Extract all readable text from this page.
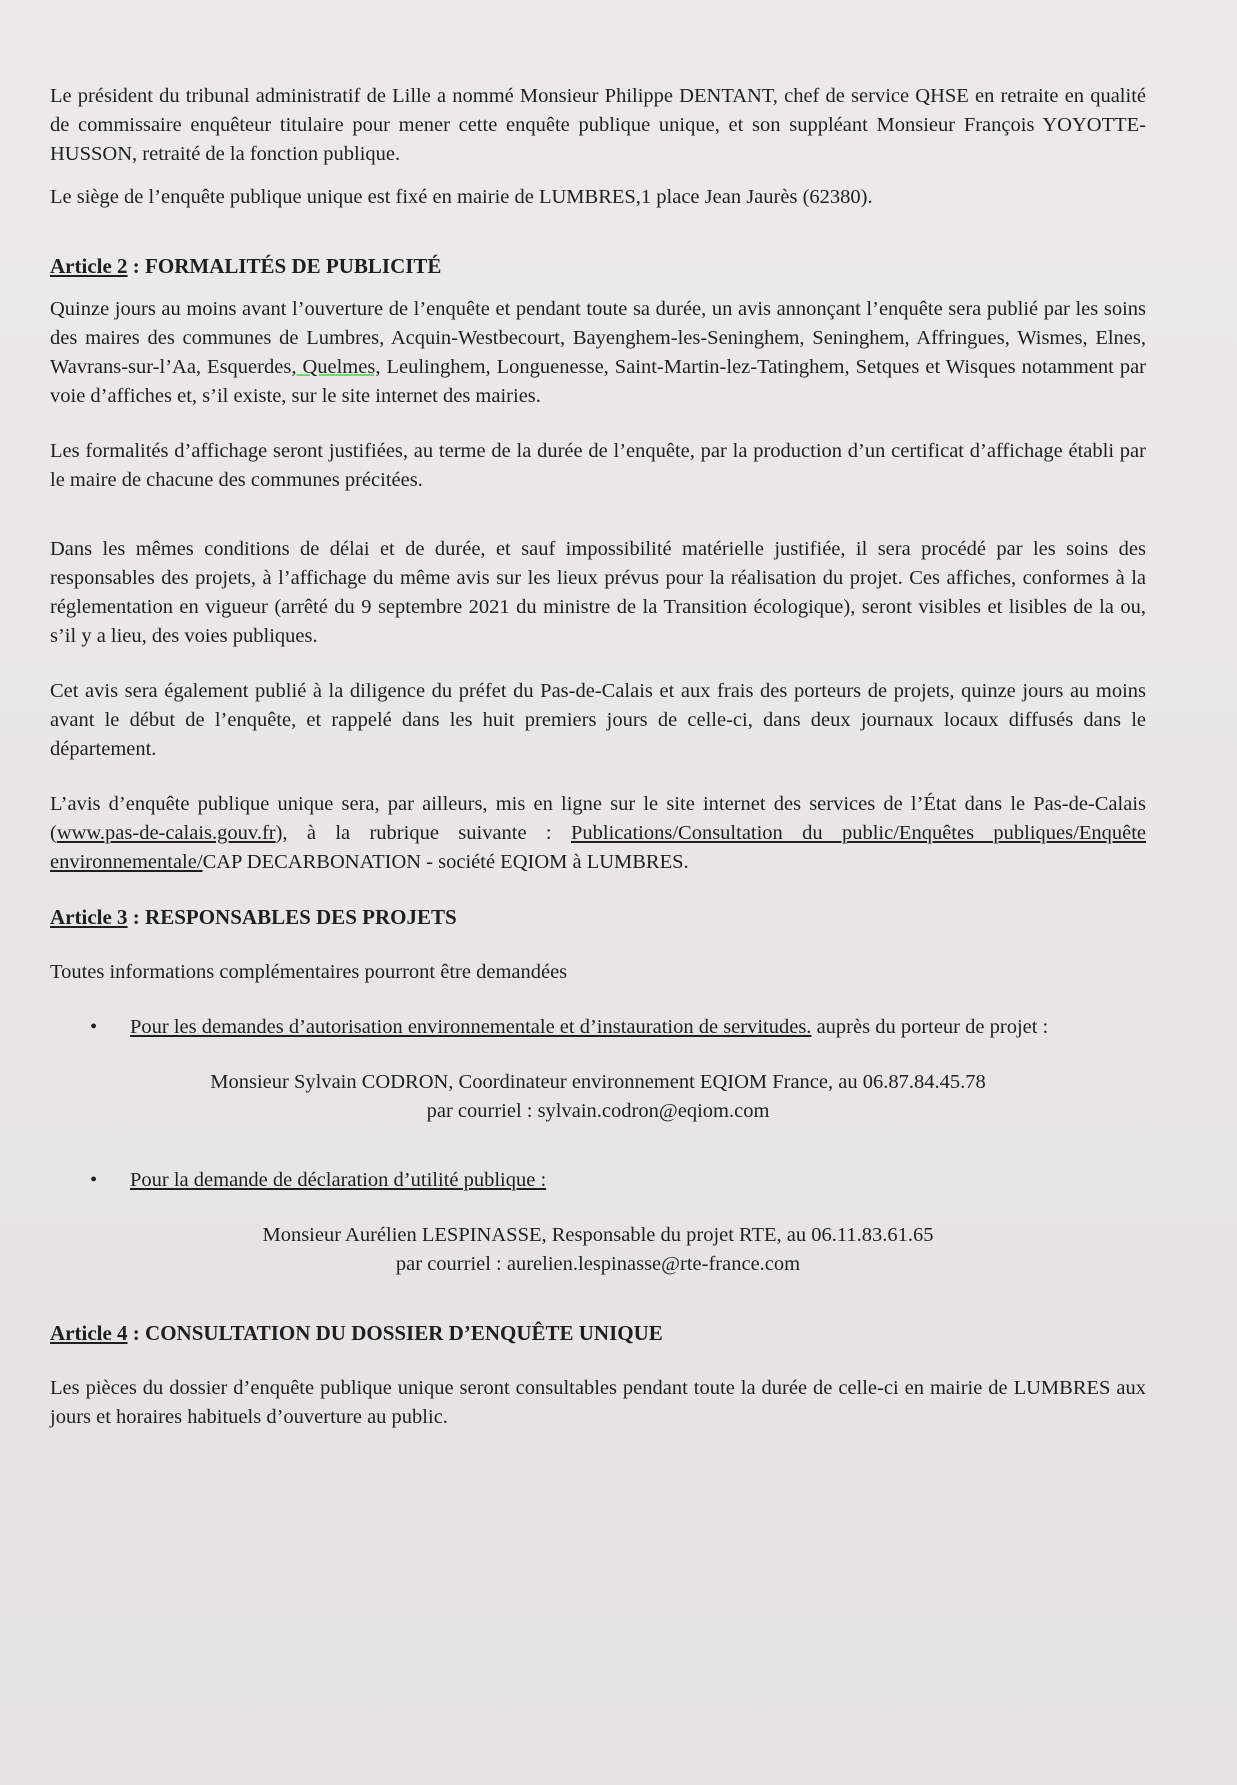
Le président du tribunal administratif de Lille a nommé Monsieur Philippe DENTANT, chef de service QHSE en retraite en qualité de commissaire enquêteur titulaire pour mener cette enquête publique unique, et son suppléant Monsieur François YOYOTTE-HUSSON, retraité de la fonction publique.

Le siège de l’enquête publique unique est fixé en mairie de LUMBRES,1 place Jean Jaurès (62380).

Article 2 : FORMALITÉS DE PUBLICITÉ

Quinze jours au moins avant l’ouverture de l’enquête et pendant toute sa durée, un avis annonçant l’enquête sera publié par les soins des maires des communes de Lumbres, Acquin-Westbecourt, Bayenghem-les-Seninghem, Seninghem, Affringues, Wismes, Elnes, Wavrans-sur-l’Aa, Esquerdes, Quelmes, Leulinghem, Longuenesse, Saint-Martin-lez-Tatinghem, Setques et Wisques notamment par voie d’affiches et, s’il existe, sur le site internet des mairies.

Les formalités d’affichage seront justifiées, au terme de la durée de l’enquête, par la production d’un certificat d’affichage établi par le maire de chacune des communes précitées.

Dans les mêmes conditions de délai et de durée, et sauf impossibilité matérielle justifiée, il sera procédé par les soins des responsables des projets, à l’affichage du même avis sur les lieux prévus pour la réalisation du projet. Ces affiches, conformes à la réglementation en vigueur (arrêté du 9 septembre 2021 du ministre de la Transition écologique), seront visibles et lisibles de la ou, s’il y a lieu, des voies publiques.

Cet avis sera également publié à la diligence du préfet du Pas-de-Calais et aux frais des porteurs de projets, quinze jours au moins avant le début de l’enquête, et rappelé dans les huit premiers jours de celle-ci, dans deux journaux locaux diffusés dans le département.

L’avis d’enquête publique unique sera, par ailleurs, mis en ligne sur le site internet des services de l’État dans le Pas-de-Calais (www.pas-de-calais.gouv.fr), à la rubrique suivante : Publications/Consultation du public/Enquêtes publiques/Enquête environnementale/CAP DECARBONATION - société EQIOM à LUMBRES.

Article 3 : RESPONSABLES DES PROJETS

Toutes informations complémentaires pourront être demandées

•	Pour les demandes d’autorisation environnementale et d’instauration de servitudes. auprès du porteur de projet :
Monsieur Sylvain CODRON, Coordinateur environnement EQIOM France, au 06.87.84.45.78
par courriel : sylvain.codron@eqiom.com
•	Pour la demande de déclaration d’utilité publique :
Monsieur Aurélien LESPINASSE, Responsable du projet RTE, au 06.11.83.61.65
par courriel : aurelien.lespinasse@rte-france.com
Article 4 : CONSULTATION DU DOSSIER D’ENQUÊTE UNIQUE

Les pièces du dossier d’enquête publique unique seront consultables pendant toute la durée de celle-ci en mairie de LUMBRES aux jours et horaires habituels d’ouverture au public.
